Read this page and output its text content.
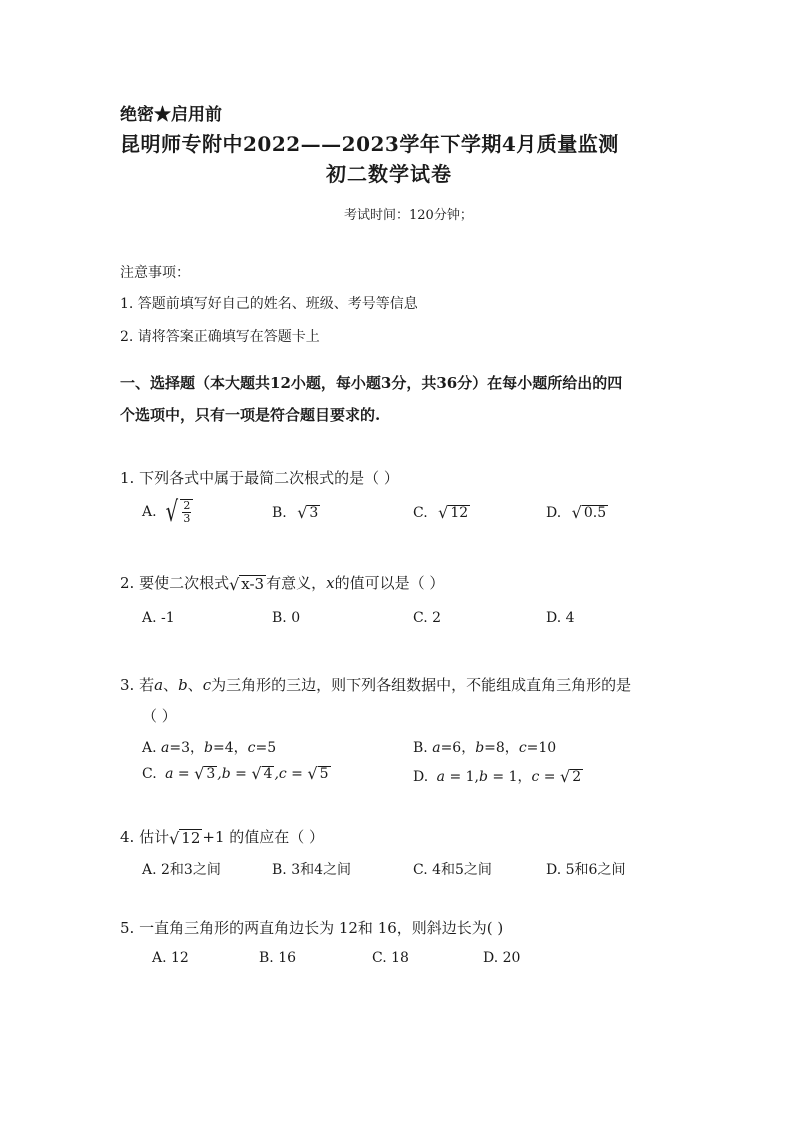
绝密★启用前
昆明师专附中2022——2023学年下学期4月质量监测
初二数学试卷
考试时间：120分钟；
注意事项：
1. 答题前填写好自己的姓名、班级、考号等信息
2. 请将答案正确填写在答题卡上
一、选择题（本大题共12小题，每小题3分，共36分）在每小题所给出的四
个选项中，只有一项是符合题目要求的.
1. 下列各式中属于最简二次根式的是（ ）
A. √ $\frac{2}{3}$	B. √ 3	C. √ 12	D. √ 0.5
2. 要使二次根式 √ x-3 有意义，x的值可以是（ ）
A. -1	B. 0	C. 2	D. 4
3. 若a、b、c为三角形的三边，则下列各组数据中，不能组成直角三角形的是
（ ）
A. a=3，b=4，c=5	B. a=6，b=8，c=10
C. a = √ 3 ,b = √ 4 ,c = √ 5	D. a = 1,b = 1，c = √ 2
4. 估计 √ 12 +1 的值应在（ ）
A. 2和3之间	B. 3和4之间	C. 4和5之间	D. 5和6之间
5. 一直角三角形的两直角边长为 12和 16，则斜边长为( )
A. 12	B. 16	C. 18	D. 20
